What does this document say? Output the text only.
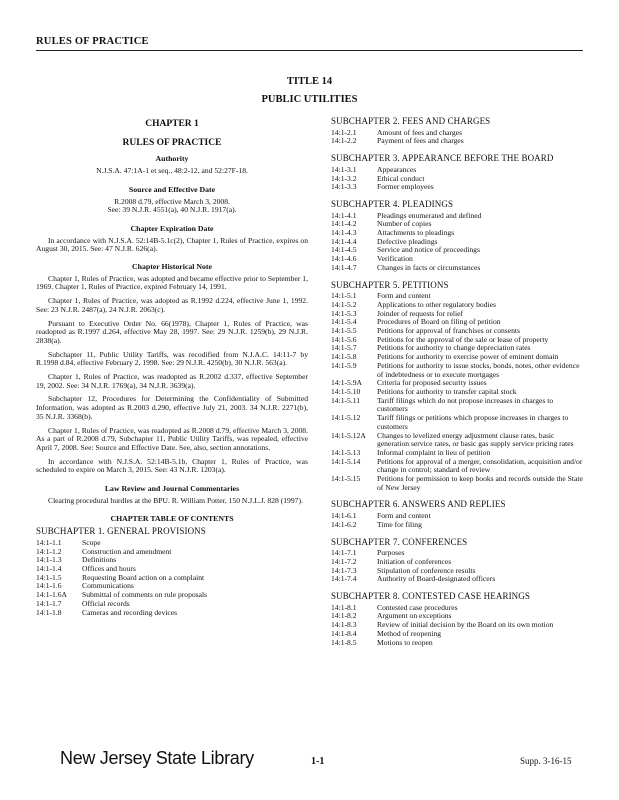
RULES OF PRACTICE
TITLE 14
PUBLIC UTILITIES
CHAPTER 1
RULES OF PRACTICE
Authority
N.J.S.A. 47:1A-1 et seq., 48:2-12, and 52:27F-18.
Source and Effective Date
R.2008 d.79, effective March 3, 2008.
See: 39 N.J.R. 4551(a), 40 N.J.R. 1917(a).
Chapter Expiration Date

In accordance with N.J.S.A. 52:14B-5.1c(2), Chapter 1, Rules of Practice, expires on August 30, 2015. See: 47 N.J.R. 626(a).

Chapter Historical Note

Chapter 1, Rules of Practice, was adopted and became effective prior to September 1, 1969. Chapter 1, Rules of Practice, expired February 14, 1991.

Chapter 1, Rules of Practice, was adopted as R.1992 d.224, effective June 1, 1992. See: 23 N.J.R. 2487(a), 24 N.J.R. 2063(c).

Pursuant to Executive Order No. 66(1978), Chapter 1, Rules of Practice, was readopted as R.1997 d.264, effective May 28, 1997. See: 29 N.J.R. 1259(b), 29 N.J.R. 2838(a).

Subchapter 11, Public Utility Tariffs, was recodified from N.J.A.C. 14:11-7 by R.1998 d.84, effective February 2, 1998. See: 29 N.J.R. 4250(b), 30 N.J.R. 563(a).

Chapter 1, Rules of Practice, was readopted as R.2002 d.337, effective September 19, 2002. See: 34 N.J.R. 1769(a), 34 N.J.R. 3639(a).

Subchapter 12, Procedures for Determining the Confidentiality of Submitted Information, was adopted as R.2003 d.290, effective July 21, 2003. 34 N.J.R. 2271(b), 35 N.J.R. 3368(b).

Chapter 1, Rules of Practice, was readopted as R.2008 d.79, effective March 3, 2008. As a part of R.2008 d.79, Subchapter 11, Public Utility Tariffs, was repealed, effective April 7, 2008. See: Source and Effective Date. See, also, section annotations.

In accordance with N.J.S.A. 52:14B-5.1b, Chapter 1, Rules of Practice, was scheduled to expire on March 3, 2015. See: 43 N.J.R. 1203(a).

Law Review and Journal Commentaries

Clearing procedural hurdles at the BPU. R. William Potter, 150 N.J.L.J. 828 (1997).

CHAPTER TABLE OF CONTENTS
SUBCHAPTER 1. GENERAL PROVISIONS
14:1-1.1	Scope
14:1-1.2	Construction and amendment
14:1-1.3	Definitions
14:1-1.4	Offices and hours
14:1-1.5	Requesting Board action on a complaint
14:1-1.6	Communications
14:1-1.6A	Submittal of comments on rule proposals
14:1-1.7	Official records
14:1-1.8	Cameras and recording devices
SUBCHAPTER 2. FEES AND CHARGES
14:1-2.1	Amount of fees and charges
14:1-2.2	Payment of fees and charges
SUBCHAPTER 3. APPEARANCE BEFORE THE BOARD
14:1-3.1	Appearances
14:1-3.2	Ethical conduct
14:1-3.3	Former employees
SUBCHAPTER 4. PLEADINGS
14:1-4.1	Pleadings enumerated and defined
14:1-4.2	Number of copies
14:1-4.3	Attachments to pleadings
14:1-4.4	Defective pleadings
14:1-4.5	Service and notice of proceedings
14:1-4.6	Verification
14:1-4.7	Changes in facts or circumstances
SUBCHAPTER 5. PETITIONS
14:1-5.1	Form and content
14:1-5.2	Applications to other regulatory bodies
14:1-5.3	Joinder of requests for relief
14:1-5.4	Procedures of Board on filing of petition
14:1-5.5	Petitions for approval of franchises or consents
14:1-5.6	Petitions for the approval of the sale or lease of property
14:1-5.7	Petitions for authority to change depreciation rates
14:1-5.8	Petitions for authority to exercise power of eminent domain
14:1-5.9	Petitions for authority to issue stocks, bonds, notes, other evidence of indebtedness or to execute mortgages
14:1-5.9A	Criteria for proposed security issues
14:1-5.10	Petitions for authority to transfer capital stock
14:1-5.11	Tariff filings which do not propose increases in charges to customers
14:1-5.12	Tariff filings or petitions which propose increases in charges to customers
14:1-5.12A	Changes to levelized energy adjustment clause rates, basic generation service rates, or basic gas supply service pricing rates
14:1-5.13	Informal complaint in lieu of petition
14:1-5.14	Petitions for approval of a merger, consolidation, acquisition and/or change in control; standard of review
14:1-5.15	Petitions for permission to keep books and records outside the State of New Jersey
SUBCHAPTER 6. ANSWERS AND REPLIES
14:1-6.1	Form and content
14:1-6.2	Time for filing
SUBCHAPTER 7. CONFERENCES
14:1-7.1	Purposes
14:1-7.2	Initiation of conferences
14:1-7.3	Stipulation of conference results
14:1-7.4	Authority of Board-designated officers
SUBCHAPTER 8. CONTESTED CASE HEARINGS
14:1-8.1	Contested case procedures
14:1-8.2	Argument on exceptions
14:1-8.3	Review of initial decision by the Board on its own motion
14:1-8.4	Method of reopening
14:1-8.5	Motions to reopen
New Jersey State Library	1-1	Supp. 3-16-15
